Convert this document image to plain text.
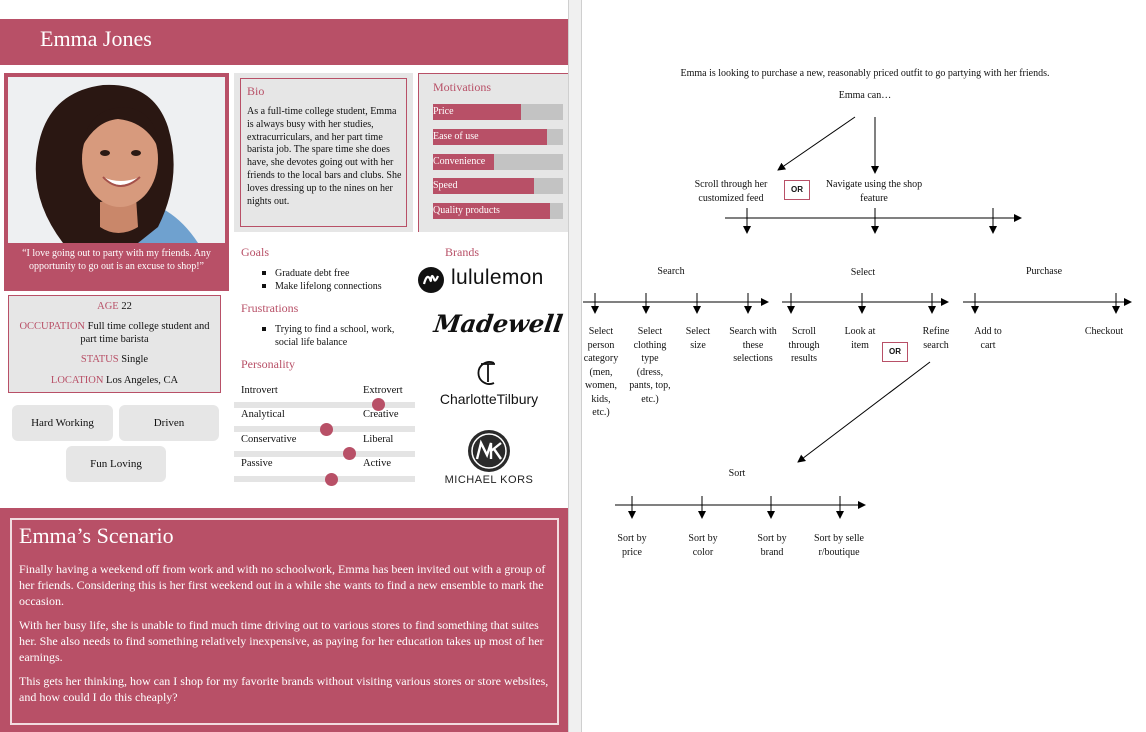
Emma Jones
“I love going out to party with my friends. Any opportunity to go out is an excuse to shop!”
AGE 22
OCCUPATION Full time college student and part time barista
STATUS Single
LOCATION Los Angeles, CA
Hard Working	Driven
Fun Loving
Bio
As a full-time college student, Emma is always busy with her studies, extracurriculars, and her part time barista job. The spare time she does have, she devotes going out with her friends to the local bars and clubs. She loves dressing up to the nines on her nights out.
Motivations
Price
Ease of use
Convenience
Speed
Quality products
Goals
Graduate debt free
Make lifelong connections
Frustrations
Trying to find a school, work, social life balance
Personality
Introvert	Extrovert
Analytical	Creative
Conservative	Liberal
Passive	Active
Brands
lululemon
Madewell
CharlotteTilbury
MICHAEL KORS
Emma’s Scenario
Finally having a weekend off from work and with no schoolwork, Emma has been invited out with a group of her friends. Considering this is her first weekend out in a while she wants to find a new ensemble to mark the occasion.
With her busy life, she is unable to find much time driving out to various stores to find something that suites her. She also needs to find something relatively inexpensive, as paying for her education takes up most of her earnings.
This gets her thinking, how can I shop for my favorite brands without visiting various stores or store websites, and how could I do this cheaply?
Emma is looking to purchase a new, reasonably priced outfit to go partying with her friends.
Emma can…
Scroll through her customized feed
OR	Navigate using the shop feature
Search	Select	Purchase
Select person category (men, women, kids, etc.)
Select clothing type (dress, pants, top, etc.)
Select size
Search with these selections
Scroll through results
Look at item
OR
Refine search
Add to cart
Checkout
Sort
Sort by price
Sort by color
Sort by brand
Sort by seller/boutique
